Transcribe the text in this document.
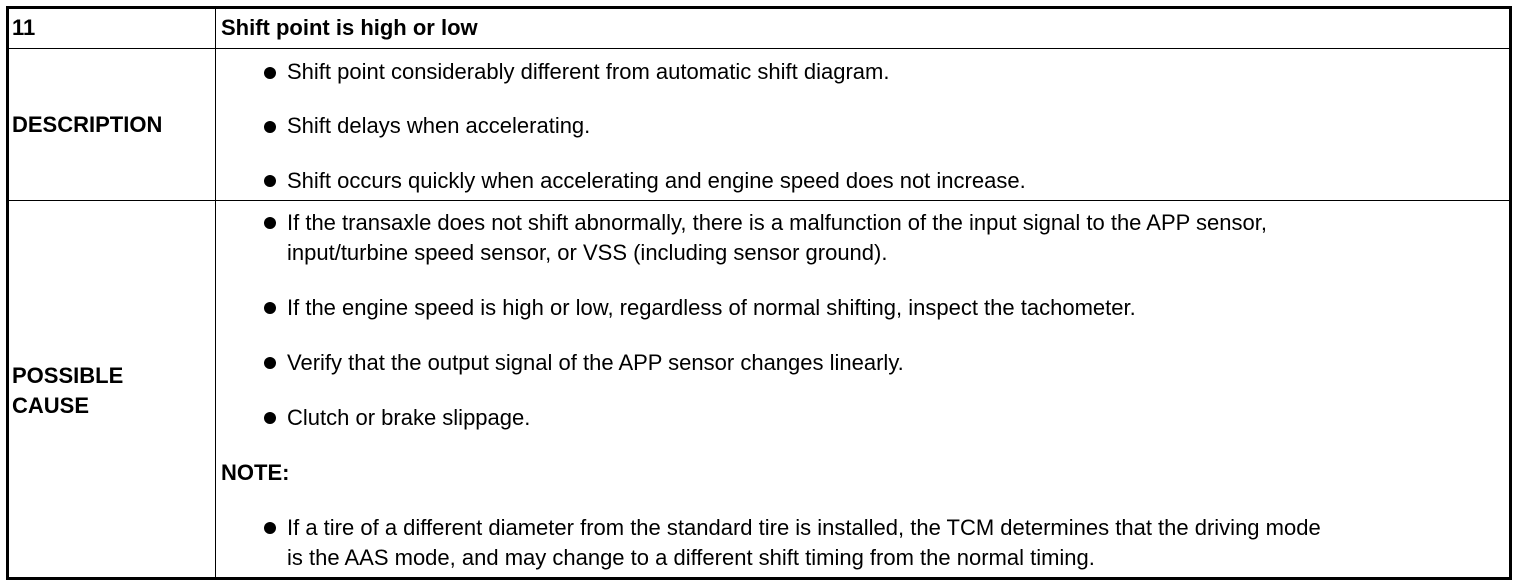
11	Shift point is high or low
DESCRIPTION
Shift point considerably different from automatic shift diagram.
Shift delays when accelerating.
Shift occurs quickly when accelerating and engine speed does not increase.
POSSIBLE
CAUSE
If the transaxle does not shift abnormally, there is a malfunction of the input signal to the APP sensor,
input/turbine speed sensor, or VSS (including sensor ground).
If the engine speed is high or low, regardless of normal shifting, inspect the tachometer.
Verify that the output signal of the APP sensor changes linearly.
Clutch or brake slippage.
NOTE:
If a tire of a different diameter from the standard tire is installed, the TCM determines that the driving mode
is the AAS mode, and may change to a different shift timing from the normal timing.
